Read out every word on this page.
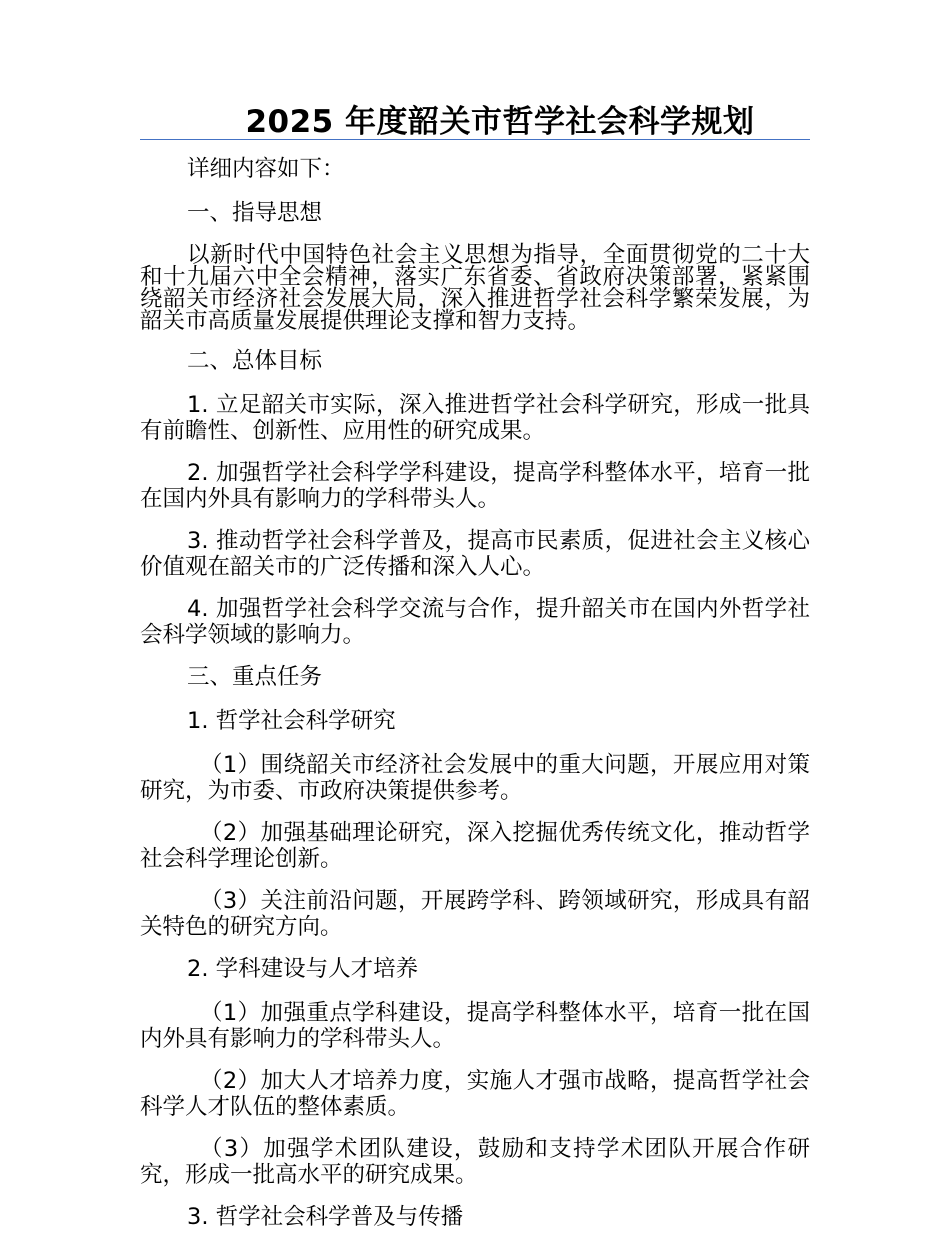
2025 年度韶关市哲学社会科学规划

详细内容如下：

一、指导思想

以新时代中国特色社会主义思想为指导，全面贯彻党的二十大和十九届六中全会精神，落实广东省委、省政府决策部署，紧紧围绕韶关市经济社会发展大局，深入推进哲学社会科学繁荣发展，为韶关市高质量发展提供理论支撑和智力支持。

二、总体目标

1. 立足韶关市实际，深入推进哲学社会科学研究，形成一批具有前瞻性、创新性、应用性的研究成果。

2. 加强哲学社会科学学科建设，提高学科整体水平，培育一批在国内外具有影响力的学科带头人。

3. 推动哲学社会科学普及，提高市民素质，促进社会主义核心价值观在韶关市的广泛传播和深入人心。

4. 加强哲学社会科学交流与合作，提升韶关市在国内外哲学社会科学领域的影响力。

三、重点任务

1. 哲学社会科学研究

（1）围绕韶关市经济社会发展中的重大问题，开展应用对策研究，为市委、市政府决策提供参考。

（2）加强基础理论研究，深入挖掘优秀传统文化，推动哲学社会科学理论创新。

（3）关注前沿问题，开展跨学科、跨领域研究，形成具有韶关特色的研究方向。

2. 学科建设与人才培养

（1）加强重点学科建设，提高学科整体水平，培育一批在国内外具有影响力的学科带头人。

（2）加大人才培养力度，实施人才强市战略，提高哲学社会科学人才队伍的整体素质。

（3）加强学术团队建设，鼓励和支持学术团队开展合作研究，形成一批高水平的研究成果。

3. 哲学社会科学普及与传播
